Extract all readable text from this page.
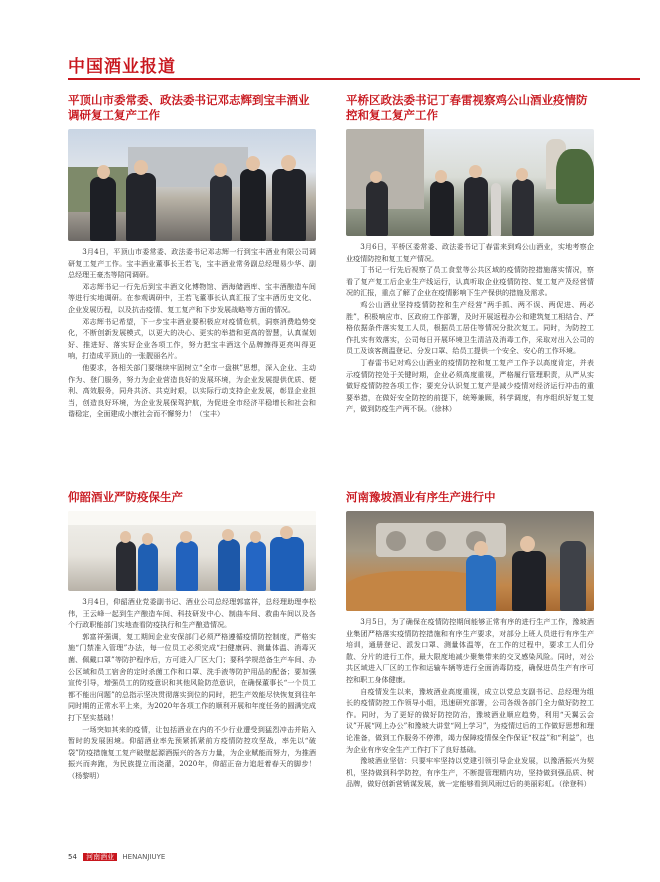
中国酒业报道
平顶山市委常委、政法委书记邓志辉到宝丰酒业调研复工复产工作

3月4日，平顶山市委常委、政法委书记邓志辉一行到宝丰酒业有限公司调研复工复产工作。宝丰酒业董事长王若飞，宝丰酒业常务副总经理易少华、副总经理王豪杰等陪同调研。

邓志辉书记一行先后到宝丰酒文化博物馆、酒海储酒库、宝丰酒酿造车间等进行实地调研。在参观调研中，王若飞董事长认真汇报了宝丰酒历史文化、企业发展历程，以及抗击疫情、复工复产和下步发展战略等方面的情况。

邓志辉书记希望，下一步宝丰酒业要积极应对疫情危机，洞察消费趋势变化，不断创新发展模式，以更大的决心、更实的举措和更高的智慧，认真谋划好、推进好、落实好企业各项工作，努力把宝丰酒这个品牌擦得更亮叫得更响，打造成平顶山的一张靓丽名片。

他要求，各相关部门要继续牢固树立“全市一盘棋”思想，深入企业、主动作为、登门服务，努力为企业营造良好的发展环境，为企业发展提供优质、便利、高效服务，同舟共济、共克时艰，以实际行动支持企业发展，彰显企业担当，创造良好环境，为企业发展保驾护航，为促进全市经济平稳增长和社会和谐稳定，全面建成小康社会而不懈努力！（宝丰）

平桥区政法委书记丁春雷视察鸡公山酒业疫情防控和复工复产工作

3月6日，平桥区委常委、政法委书记丁春雷来到鸡公山酒业，实地考察企业疫情防控和复工复产情况。

丁书记一行先后视察了员工食堂等公共区域的疫情防控措施落实情况，察看了复产复工后企业生产线运行，认真听取企业疫情防控、复工复产及经营情况的汇报，重点了解了企业在疫情影响下生产保供的措施及需求。

鸡公山酒业坚持疫情防控和生产经营“两手抓、两不误、两促进、两必胜”，积极响应市、区政府工作部署，及时开展返程办公和建筑复工相结合、严格依据条件落实复工人员，根据员工居住等情况分批次复工。同时，为防控工作扎实有效落实，公司每日开展环境卫生清洁及消毒工作，采取对出入公司的员工及该客测温登记、分发口罩、给员工提供一个安全、安心的工作环境。

丁春雷书记对鸡公山酒业的疫情防控和复工复产工作予以高度肯定，并表示疫情防控处于关键时期，企业必须高度重视，严格履行管理职责，从严从实做好疫情防控各项工作；要充分认识复工复产是减少疫情对经济运行冲击的重要举措，在做好安全防控的前提下，统筹兼顾，科学调度，有序组织好复工复产，做到防疫生产两不误。（徐林）

仰韶酒业严防疫保生产

3月4日，仰韶酒业党委副书记、酒业公司总经理郭富祥，总经理助理李松伟，王云峰一起到生产酿造车间、科技研发中心、制曲车间、救曲车间以及各个行政职能部门实地查看防疫执行和生产酿造情况。

郭富祥强调，复工期间企业安保部门必须严格遵循疫情防控制度，严格实施“门禁准入管理”办法，每一位员工必须完成“扫健康码、测量体温、消毒灭菌、佩戴口罩”等防护程序后，方可进入厂区大门；要科学规范备生产车间、办公区域和员工宿舍的定时杀菌工作和口罩、洗手液等防护用品的配备；要加强宣传引导，增强员工的防疫意识和其他风险防范意识，在确保董事长“一个员工都不能出问题”的总指示坚决贯彻落实到位的同时，把生产效能尽快恢复到往年同时期的正常水平上来，为2020年各项工作的顺利开展和年度任务的圆满完成打下坚实基础！

一场突如其来的疫情，让包括酒业在内的不少行业遭受到猛烈冲击并陷入暂时的发展困境。仰韶酒业率先预紧抓紧前方疫情防控攻坚战，率先以“破袋”防疫措施复工复产破壁起源酒振兴的各方力量，为企业赋能而努力，为推酒振兴而奔跑，为民族提立而浇灌，2020年，仰韶正奋力追赶着春天的脚步！（杨黎明）

河南豫坡酒业有序生产进行中

3月5日，为了确保在疫情防控期间能够正常有序的进行生产工作，豫坡酒业集团严格落实疫情防控措施和有序生产要求，对部分上班人员进行有序生产培训，通册登记、派发口罩、测量体温等，在工作的过程中，要求工人们分散、分片的进行工作，最大限度地减少聚集带来的交叉感染风险。同时，对公共区域进入厂区的工作和运输车辆等进行全面消毒防疫，确保进员生产有序可控和职工身体健康。

自疫情发生以来，豫坡酒业高度重视，成立以党总支副书记、总经理为组长的疫情防控工作领导小组，迅速研究部署，公司各级各部门全力做好防控工作。同时，为了更好的做好防控防治，豫坡酒业顺应趋势，利用“天翼云会议”开展“网上办公”和豫坡大讲堂“网上学习”，为疫情过后的工作做好思想和理论准备，做到工作服务不停滞，竭力保障疫情保全作保证“权益”和“利益”，也为企业有序安全生产工作打下了良好基础。

豫坡酒业坚信：只要牢牢坚持以党建引领引导企业发展，以豫酒振兴为契机，坚持做到科学防控，有序生产，不断提管理精内功，坚持做到强品质、树品牌，做好创新营销谋发展，就一定能够看到风雨过后的美丽彩虹。（徐登科）

54 河南酒业 HENANJIUYE
